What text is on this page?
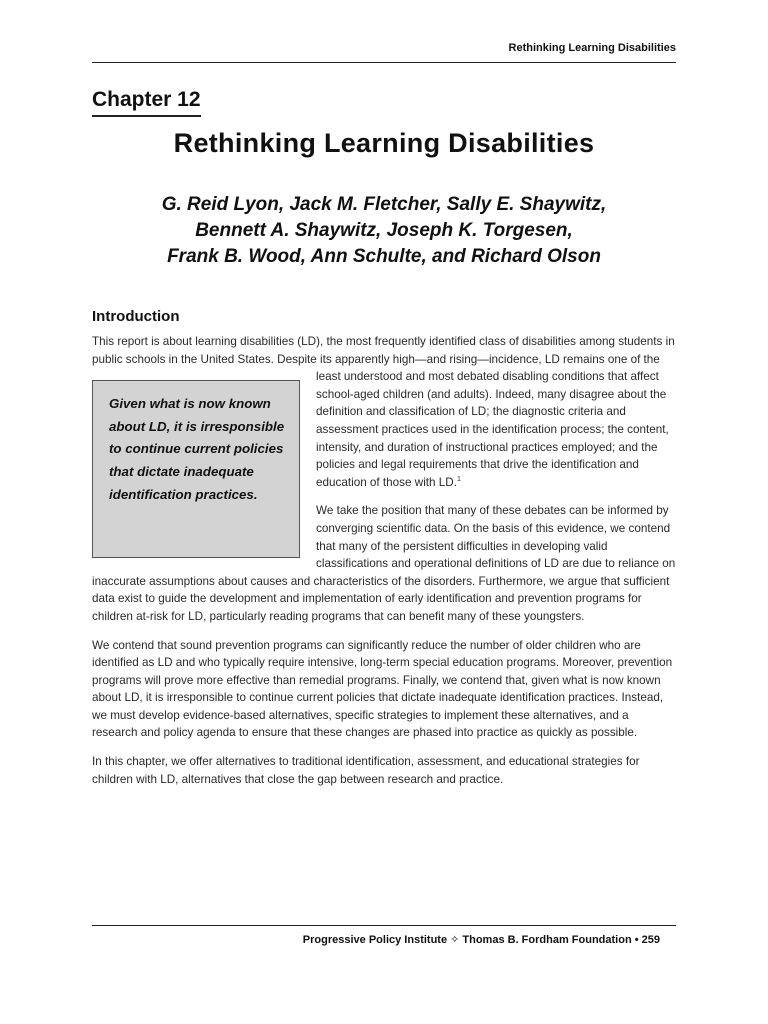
Rethinking Learning Disabilities
Chapter 12
Rethinking Learning Disabilities
G. Reid Lyon, Jack M. Fletcher, Sally E. Shaywitz,
Bennett A. Shaywitz, Joseph K. Torgesen,
Frank B. Wood, Ann Schulte, and Richard Olson
Introduction

This report is about learning disabilities (LD), the most frequently identified class of disabilities among students in public schools in the United States. Despite its apparently high—and rising—incidence, LD remains one of the least understood and most debated disabling conditions that
Given what is now known about LD, it is irresponsible to continue current policies that dictate inadequate identification practices.
affect school-aged children (and adults). Indeed, many disagree about the definition and classification of LD; the diagnostic criteria and assessment practices used in the identification process; the content, intensity, and duration of instructional practices employed; and the policies and legal requirements that drive the identification and education of those with LD.$^1$

We take the position that many of these debates can be informed by converging scientific data. On the basis of this evidence, we contend that many of the persistent difficulties in developing valid classifications and operational definitions of LD are due to reliance on inaccurate assumptions about causes and characteristics of the disorders. Furthermore, we argue that sufficient data exist to guide the development and implementation of early identification and prevention programs for children at-risk for LD, particularly reading programs that can benefit many of these youngsters.

We contend that sound prevention programs can significantly reduce the number of older children who are identified as LD and who typically require intensive, long-term special education programs. Moreover, prevention programs will prove more effective than remedial programs. Finally, we contend that, given what is now known about LD, it is irresponsible to continue current policies that dictate inadequate identification practices. Instead, we must develop evidence-based alternatives, specific strategies to implement these alternatives, and a research and policy agenda to ensure that these changes are phased into practice as quickly as possible.

In this chapter, we offer alternatives to traditional identification, assessment, and educational strategies for children with LD, alternatives that close the gap between research and practice.

Progressive Policy Institute ✧ Thomas B. Fordham Foundation • 259
